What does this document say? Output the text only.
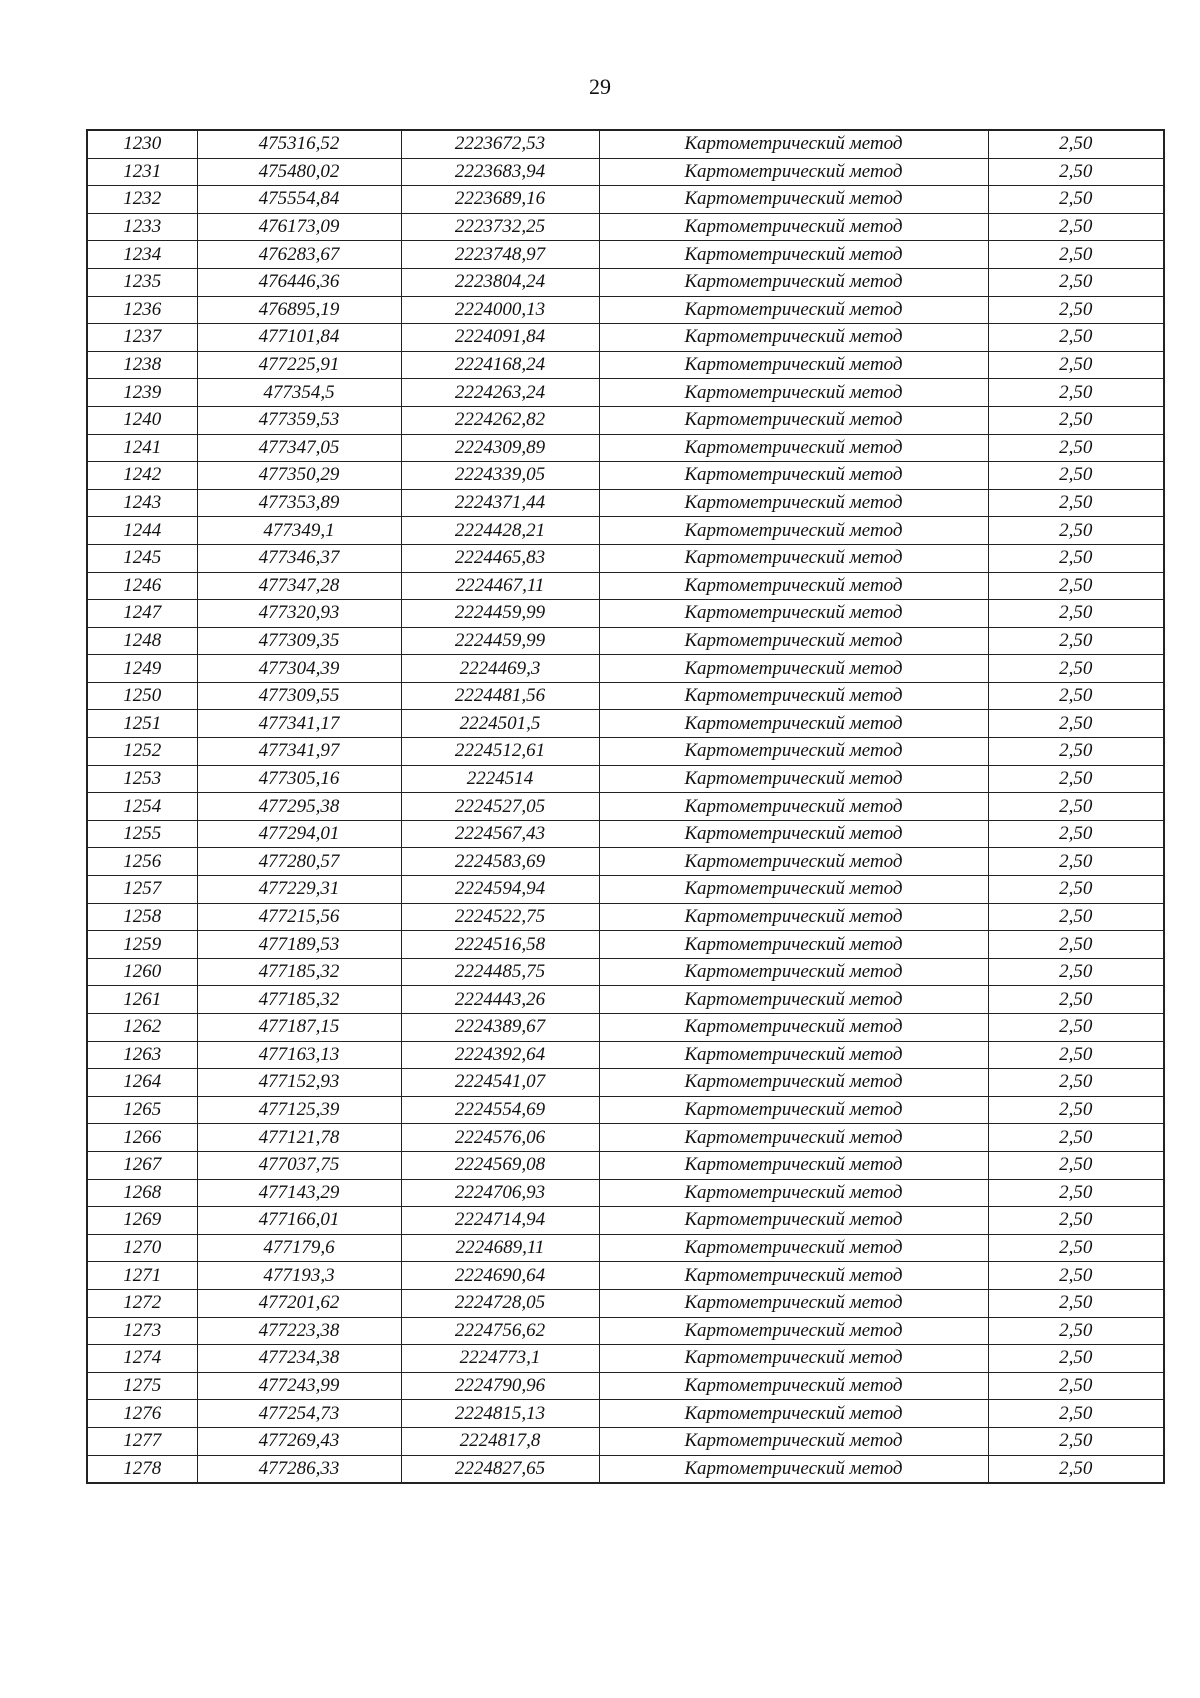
29
1230	475316,52	2223672,53	Картометрический метод	2,50
1231	475480,02	2223683,94	Картометрический метод	2,50
1232	475554,84	2223689,16	Картометрический метод	2,50
1233	476173,09	2223732,25	Картометрический метод	2,50
1234	476283,67	2223748,97	Картометрический метод	2,50
1235	476446,36	2223804,24	Картометрический метод	2,50
1236	476895,19	2224000,13	Картометрический метод	2,50
1237	477101,84	2224091,84	Картометрический метод	2,50
1238	477225,91	2224168,24	Картометрический метод	2,50
1239	477354,5	2224263,24	Картометрический метод	2,50
1240	477359,53	2224262,82	Картометрический метод	2,50
1241	477347,05	2224309,89	Картометрический метод	2,50
1242	477350,29	2224339,05	Картометрический метод	2,50
1243	477353,89	2224371,44	Картометрический метод	2,50
1244	477349,1	2224428,21	Картометрический метод	2,50
1245	477346,37	2224465,83	Картометрический метод	2,50
1246	477347,28	2224467,11	Картометрический метод	2,50
1247	477320,93	2224459,99	Картометрический метод	2,50
1248	477309,35	2224459,99	Картометрический метод	2,50
1249	477304,39	2224469,3	Картометрический метод	2,50
1250	477309,55	2224481,56	Картометрический метод	2,50
1251	477341,17	2224501,5	Картометрический метод	2,50
1252	477341,97	2224512,61	Картометрический метод	2,50
1253	477305,16	2224514	Картометрический метод	2,50
1254	477295,38	2224527,05	Картометрический метод	2,50
1255	477294,01	2224567,43	Картометрический метод	2,50
1256	477280,57	2224583,69	Картометрический метод	2,50
1257	477229,31	2224594,94	Картометрический метод	2,50
1258	477215,56	2224522,75	Картометрический метод	2,50
1259	477189,53	2224516,58	Картометрический метод	2,50
1260	477185,32	2224485,75	Картометрический метод	2,50
1261	477185,32	2224443,26	Картометрический метод	2,50
1262	477187,15	2224389,67	Картометрический метод	2,50
1263	477163,13	2224392,64	Картометрический метод	2,50
1264	477152,93	2224541,07	Картометрический метод	2,50
1265	477125,39	2224554,69	Картометрический метод	2,50
1266	477121,78	2224576,06	Картометрический метод	2,50
1267	477037,75	2224569,08	Картометрический метод	2,50
1268	477143,29	2224706,93	Картометрический метод	2,50
1269	477166,01	2224714,94	Картометрический метод	2,50
1270	477179,6	2224689,11	Картометрический метод	2,50
1271	477193,3	2224690,64	Картометрический метод	2,50
1272	477201,62	2224728,05	Картометрический метод	2,50
1273	477223,38	2224756,62	Картометрический метод	2,50
1274	477234,38	2224773,1	Картометрический метод	2,50
1275	477243,99	2224790,96	Картометрический метод	2,50
1276	477254,73	2224815,13	Картометрический метод	2,50
1277	477269,43	2224817,8	Картометрический метод	2,50
1278	477286,33	2224827,65	Картометрический метод	2,50
